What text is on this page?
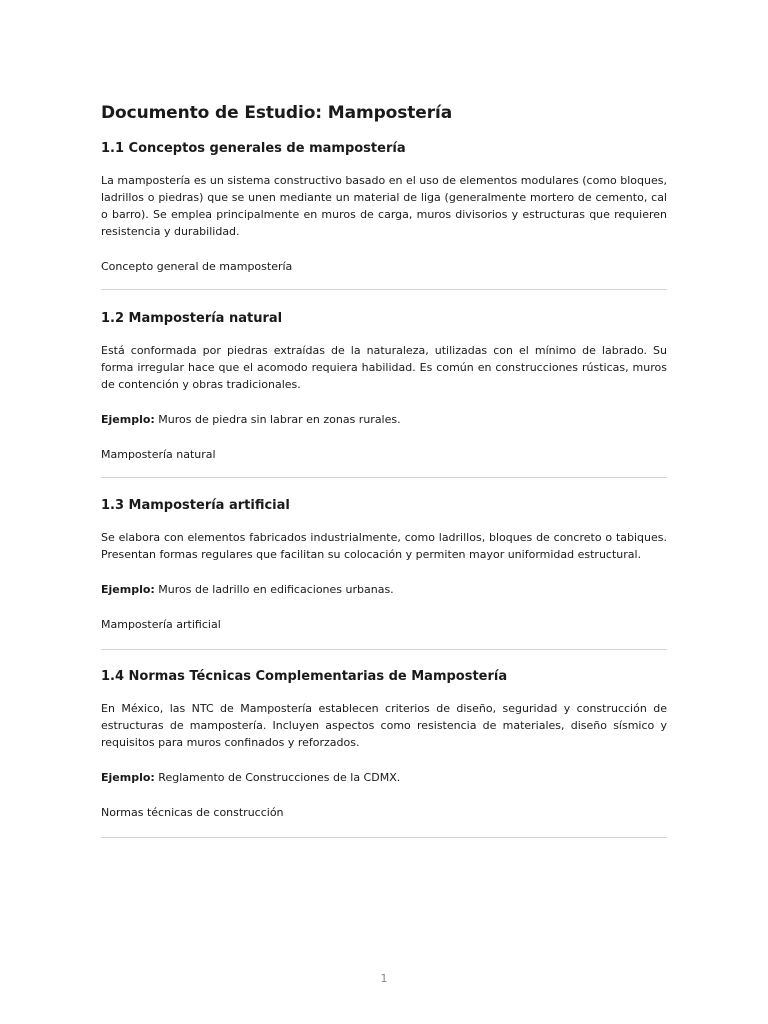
Documento de Estudio: Mampostería
1.1 Conceptos generales de mampostería

La mampostería es un sistema constructivo basado en el uso de elementos modulares (como bloques, ladrillos o piedras) que se unen mediante un material de liga (generalmente mortero de cemento, cal o barro). Se emplea principalmente en muros de carga, muros divisorios y estructuras que requieren resistencia y durabilidad.

Concepto general de mampostería

1.2 Mampostería natural

Está conformada por piedras extraídas de la naturaleza, utilizadas con el mínimo de labrado. Su forma irregular hace que el acomodo requiera habilidad. Es común en construcciones rústicas, muros de contención y obras tradicionales.

Ejemplo: Muros de piedra sin labrar en zonas rurales.

Mampostería natural

1.3 Mampostería artificial

Se elabora con elementos fabricados industrialmente, como ladrillos, bloques de concreto o tabiques. Presentan formas regulares que facilitan su colocación y permiten mayor uniformidad estructural.

Ejemplo: Muros de ladrillo en edificaciones urbanas.

Mampostería artificial

1.4 Normas Técnicas Complementarias de Mampostería

En México, las NTC de Mampostería establecen criterios de diseño, seguridad y construcción de estructuras de mampostería. Incluyen aspectos como resistencia de materiales, diseño sísmico y requisitos para muros confinados y reforzados.

Ejemplo: Reglamento de Construcciones de la CDMX.

Normas técnicas de construcción

1
